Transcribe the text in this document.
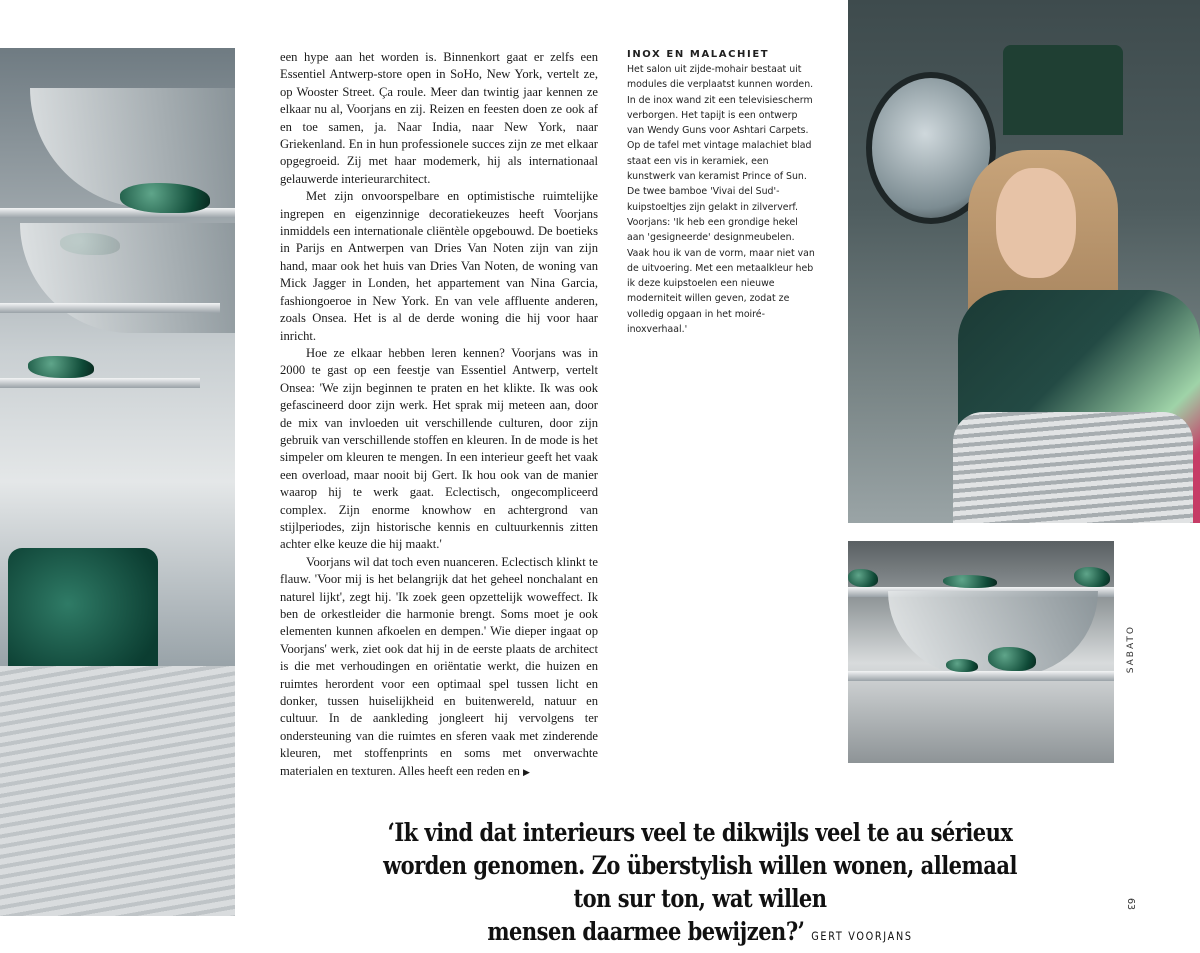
een hype aan het worden is. Binnenkort gaat er zelfs een Essentiel Antwerp-store open in SoHo, New York, vertelt ze, op Wooster Street. Ça roule. Meer dan twintig jaar kennen ze elkaar nu al, Voorjans en zij. Reizen en feesten doen ze ook af en toe samen, ja. Naar India, naar New York, naar Griekenland. En in hun professionele succes zijn ze met elkaar opgegroeid. Zij met haar modemerk, hij als internationaal gelauwerde interieurarchitect.

Met zijn onvoorspelbare en optimistische ruimtelijke ingrepen en eigenzinnige decoratiekeuzes heeft Voorjans inmiddels een internationale cliëntèle opgebouwd. De boetieks in Parijs en Antwerpen van Dries Van Noten zijn van zijn hand, maar ook het huis van Dries Van Noten, de woning van Mick Jagger in Londen, het appartement van Nina Garcia, fashiongoeroe in New York. En van vele affluente anderen, zoals Onsea. Het is al de derde woning die hij voor haar inricht.

Hoe ze elkaar hebben leren kennen? Voorjans was in 2000 te gast op een feestje van Essentiel Antwerp, vertelt Onsea: 'We zijn beginnen te praten en het klikte. Ik was ook gefascineerd door zijn werk. Het sprak mij meteen aan, door de mix van invloeden uit verschillende culturen, door zijn gebruik van verschillende stoffen en kleuren. In de mode is het simpeler om kleuren te mengen. In een interieur geeft het vaak een overload, maar nooit bij Gert. Ik hou ook van de manier waarop hij te werk gaat. Eclectisch, ongecompliceerd complex. Zijn enorme knowhow en achtergrond van stijlperiodes, zijn historische kennis en cultuurkennis zitten achter elke keuze die hij maakt.'

Voorjans wil dat toch even nuanceren. Eclectisch klinkt te flauw. 'Voor mij is het belangrijk dat het geheel nonchalant en naturel lijkt', zegt hij. 'Ik zoek geen opzettelijk woweffect. Ik ben de orkestleider die harmonie brengt. Soms moet je ook elementen kunnen afkoelen en dempen.' Wie dieper ingaat op Voorjans' werk, ziet ook dat hij in de eerste plaats de architect is die met verhoudingen en oriëntatie werkt, die huizen en ruimtes herordent voor een optimaal spel tussen licht en donker, tussen huiselijkheid en buitenwereld, natuur en cultuur. In de aankleding jongleert hij vervolgens ter ondersteuning van die ruimtes en sferen vaak met zinderende kleuren, met stoffenprints en soms met onverwachte materialen en texturen. Alles heeft een reden en ▶

INOX EN MALACHIET

Het salon uit zijde-mohair bestaat uit modules die verplaatst kunnen worden. In de inox wand zit een televisiescherm verborgen. Het tapijt is een ontwerp van Wendy Guns voor Ashtari Carpets. Op de tafel met vintage malachiet blad staat een vis in keramiek, een kunstwerk van keramist Prince of Sun. De twee bamboe 'Vivai del Sud'-kuipstoeltjes zijn gelakt in zilververf.

Voorjans: 'Ik heb een grondige hekel aan 'gesigneerde' designmeubelen. Vaak hou ik van de vorm, maar niet van de uitvoering. Met een metaalkleur heb ik deze kuipstoelen een nieuwe moderniteit willen geven, zodat ze volledig opgaan in het moiré-inoxverhaal.'

SABATO
63
‘Ik vind dat interieurs veel te dikwijls veel te au sérieux
worden genomen. Zo überstylish willen wonen, allemaal ton sur ton, wat willen
mensen daarmee bewijzen?’ GERT VOORJANS
